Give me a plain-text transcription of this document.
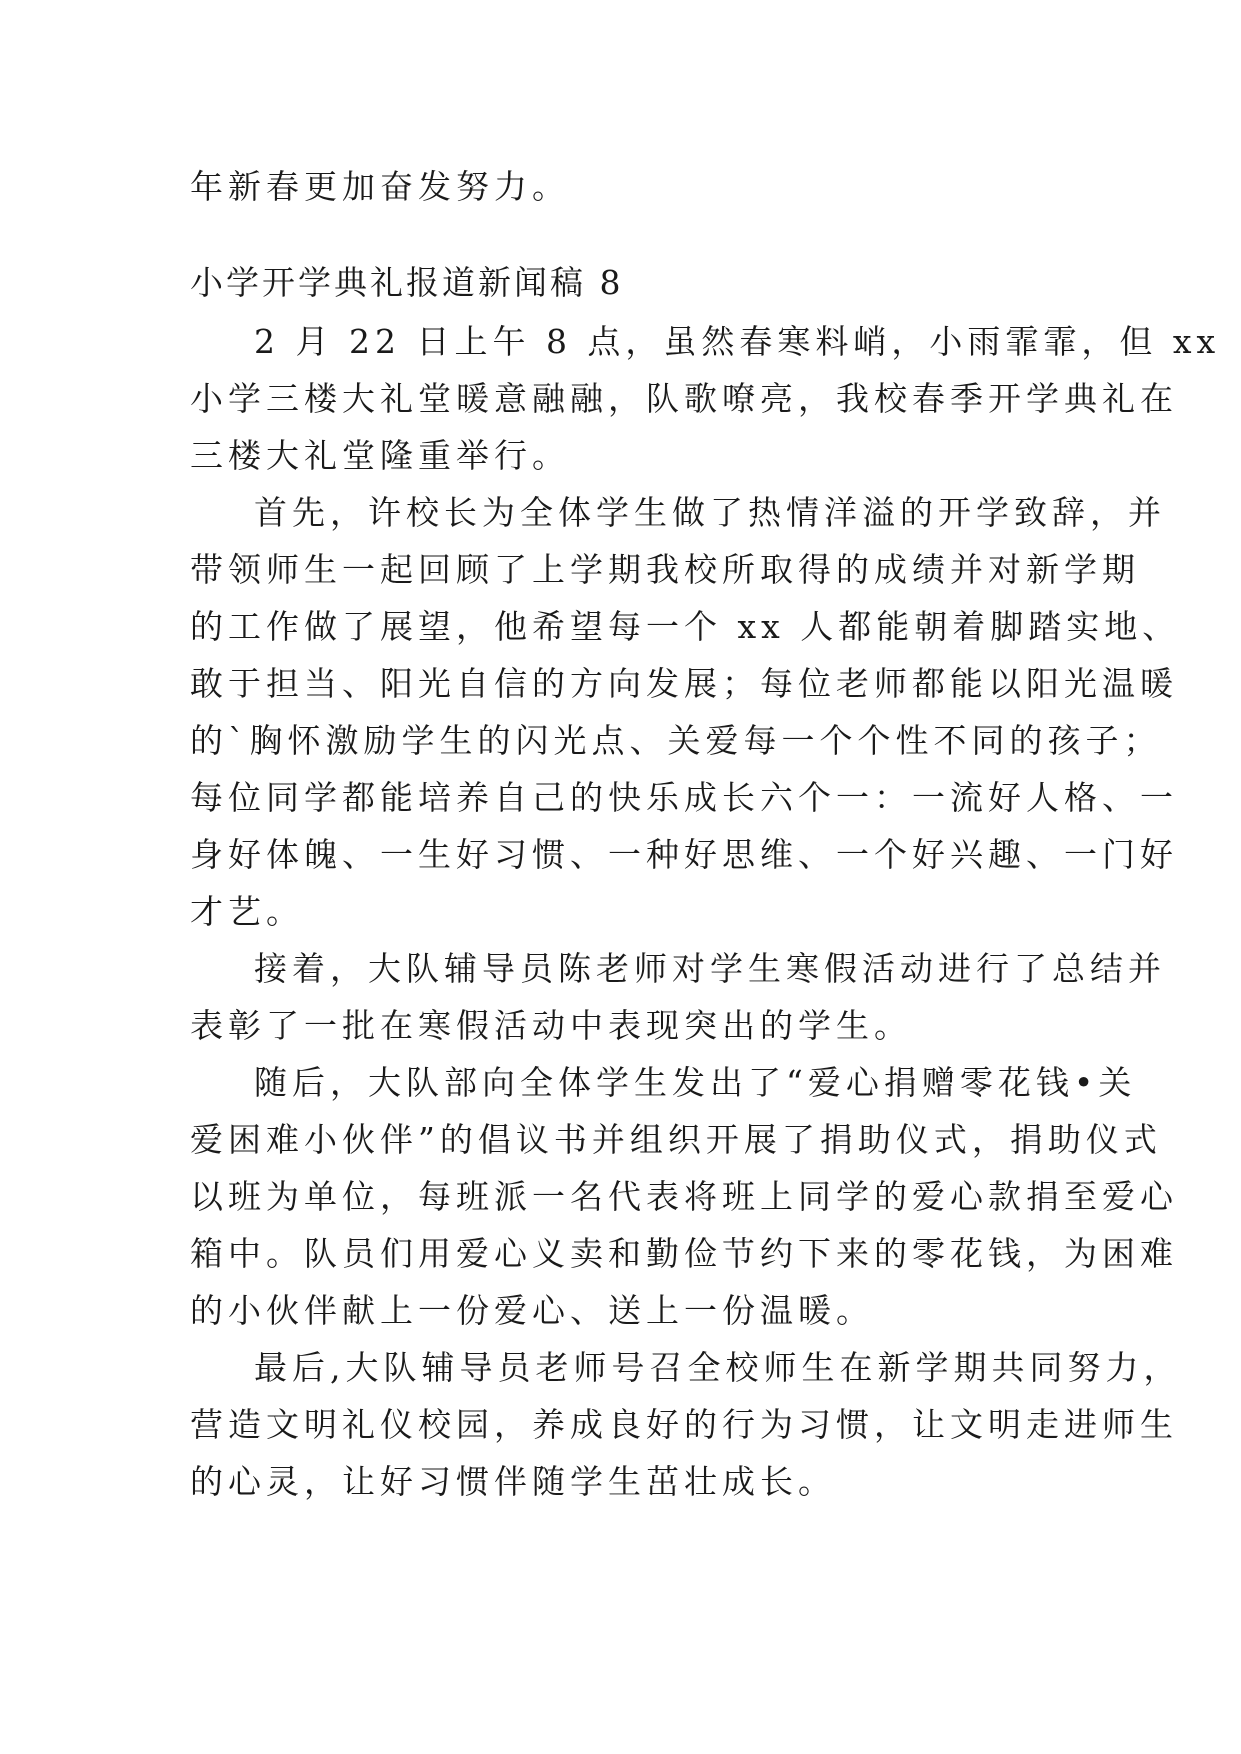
年新春更加奋发努力。
小学开学典礼报道新闻稿 8
2 月 22 日上午 8 点，虽然春寒料峭，小雨霏霏，但 xx
小学三楼大礼堂暖意融融，队歌嘹亮，我校春季开学典礼在
三楼大礼堂隆重举行。
首先，许校长为全体学生做了热情洋溢的开学致辞，并
带领师生一起回顾了上学期我校所取得的成绩并对新学期
的工作做了展望，他希望每一个 xx 人都能朝着脚踏实地、
敢于担当、阳光自信的方向发展；每位老师都能以阳光温暖
的`胸怀激励学生的闪光点、关爱每一个个性不同的孩子；
每位同学都能培养自己的快乐成长六个一：一流好人格、一
身好体魄、一生好习惯、一种好思维、一个好兴趣、一门好
才艺。
接着，大队辅导员陈老师对学生寒假活动进行了总结并
表彰了一批在寒假活动中表现突出的学生。
随后，大队部向全体学生发出了“爱心捐赠零花钱•关
爱困难小伙伴”的倡议书并组织开展了捐助仪式，捐助仪式
以班为单位，每班派一名代表将班上同学的爱心款捐至爱心
箱中。队员们用爱心义卖和勤俭节约下来的零花钱，为困难
的小伙伴献上一份爱心、送上一份温暖。
最后,大队辅导员老师号召全校师生在新学期共同努力，
营造文明礼仪校园，养成良好的行为习惯，让文明走进师生
的心灵，让好习惯伴随学生茁壮成长。
